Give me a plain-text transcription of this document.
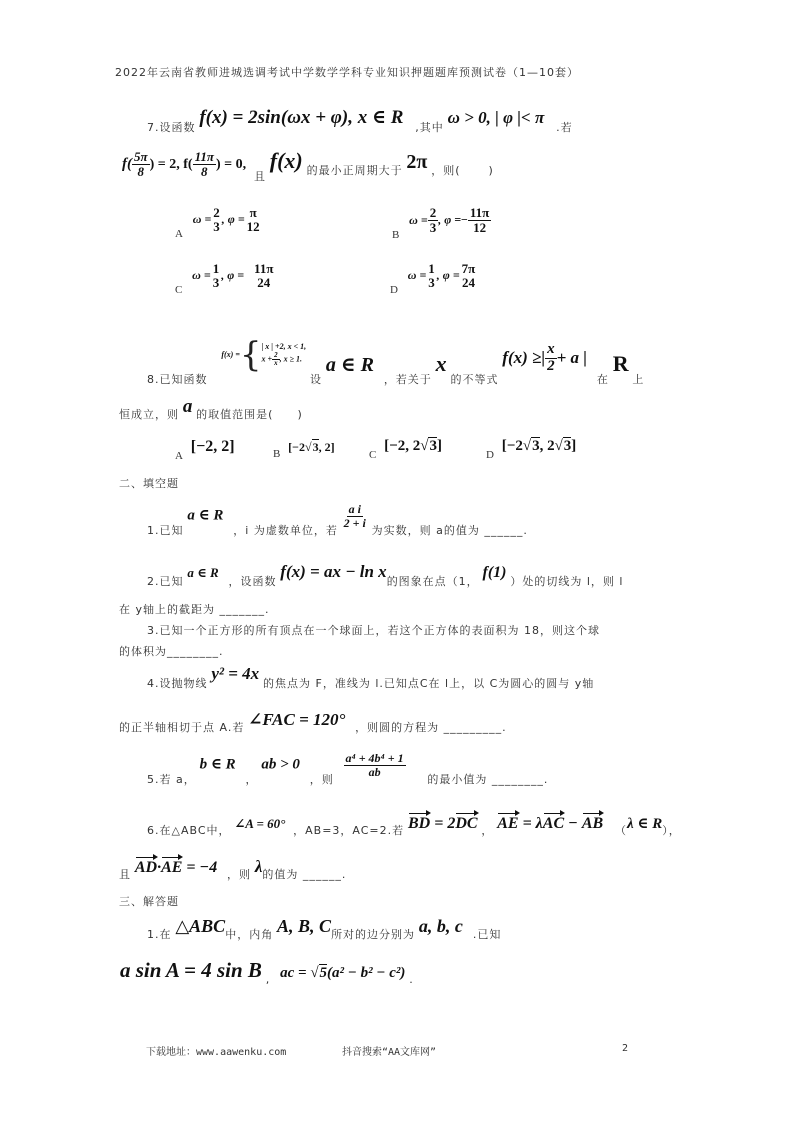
2022年云南省教师进城选调考试中学数学学科专业知识押题题库预测试卷（1—10套）
7.设函数 f(x) = 2sin(ωx + φ), x ∈ R ,其中 ω > 0, | φ |< π .若
$f( \frac{5\pi}{8}$ ) = 2, $f( \frac{11\pi}{8}$ ) = 0, 且 f(x) 的最小正周期大于 2π ，则(	)
A ω = 2
3 , φ = π
12
B $\omega = \frac{2}{3}$ , $\varphi =- \frac{11\pi}{12}$
C ω = 1
3 , φ = 11π
24
D ω = 1
3 , φ = 7π
24
8.已知函数
f(x) = { | x | +2, x < 1,
$x + \frac{2}{x}$ , x ≥ 1.
设 a ∈ R ，若关于 x 的不等式
f(x) ≥| $\frac{x}{2} + a$ |
在 R 上
恒成立，则 a 的取值范围是( )
A [−2, 2]	B [−2√3, 2]
C [−2, 2√3]
D [−2√3, 2√3]
二、填空题
1.已知 a ∈ R ，i 为虚数单位，若
$\frac{\text{a i}}{2 + i}$
为实数，则 a的值为 ______.
2.已知 a ∈ R ，设函数 f(x) = ax − ln x的图象在点（1， f(1) ）处的切线为 l，则 l
在 y轴上的截距为 _______.
3.已知一个正方形的所有顶点在一个球面上，若这个正方体的表面积为 18，则这个球
的体积为________.
4.设抛物线 y² = 4x 的焦点为 F，准线为 l.已知点C在 l上，以 C为圆心的圆与 y轴
的正半轴相切于点 A.若 ∠FAC = 120° ，则圆的方程为 _________.
5.若 a， b ∈ R ， ab > 0 ，则
$\frac{\text{a⁴ + 4b⁴ + 1}}{ab}$
的最小值为 ________.
6.在△ABC中， ∠A = 60° ，AB=3，AC=2.若 BD = 2DC ， AE = λAC − AB （λ ∈ R），
且 AD·AE = −4 ，则 λ的值为 ______.
三、解答题
1.在 △ABC中，内角 A, B, C所对的边分别为 a, b, c .已知
a sin A = 4 sin B , ac = √5(a² − b² − c²) .
下载地址：www.aawenku.com	抖音搜索“AA文库网”	2
